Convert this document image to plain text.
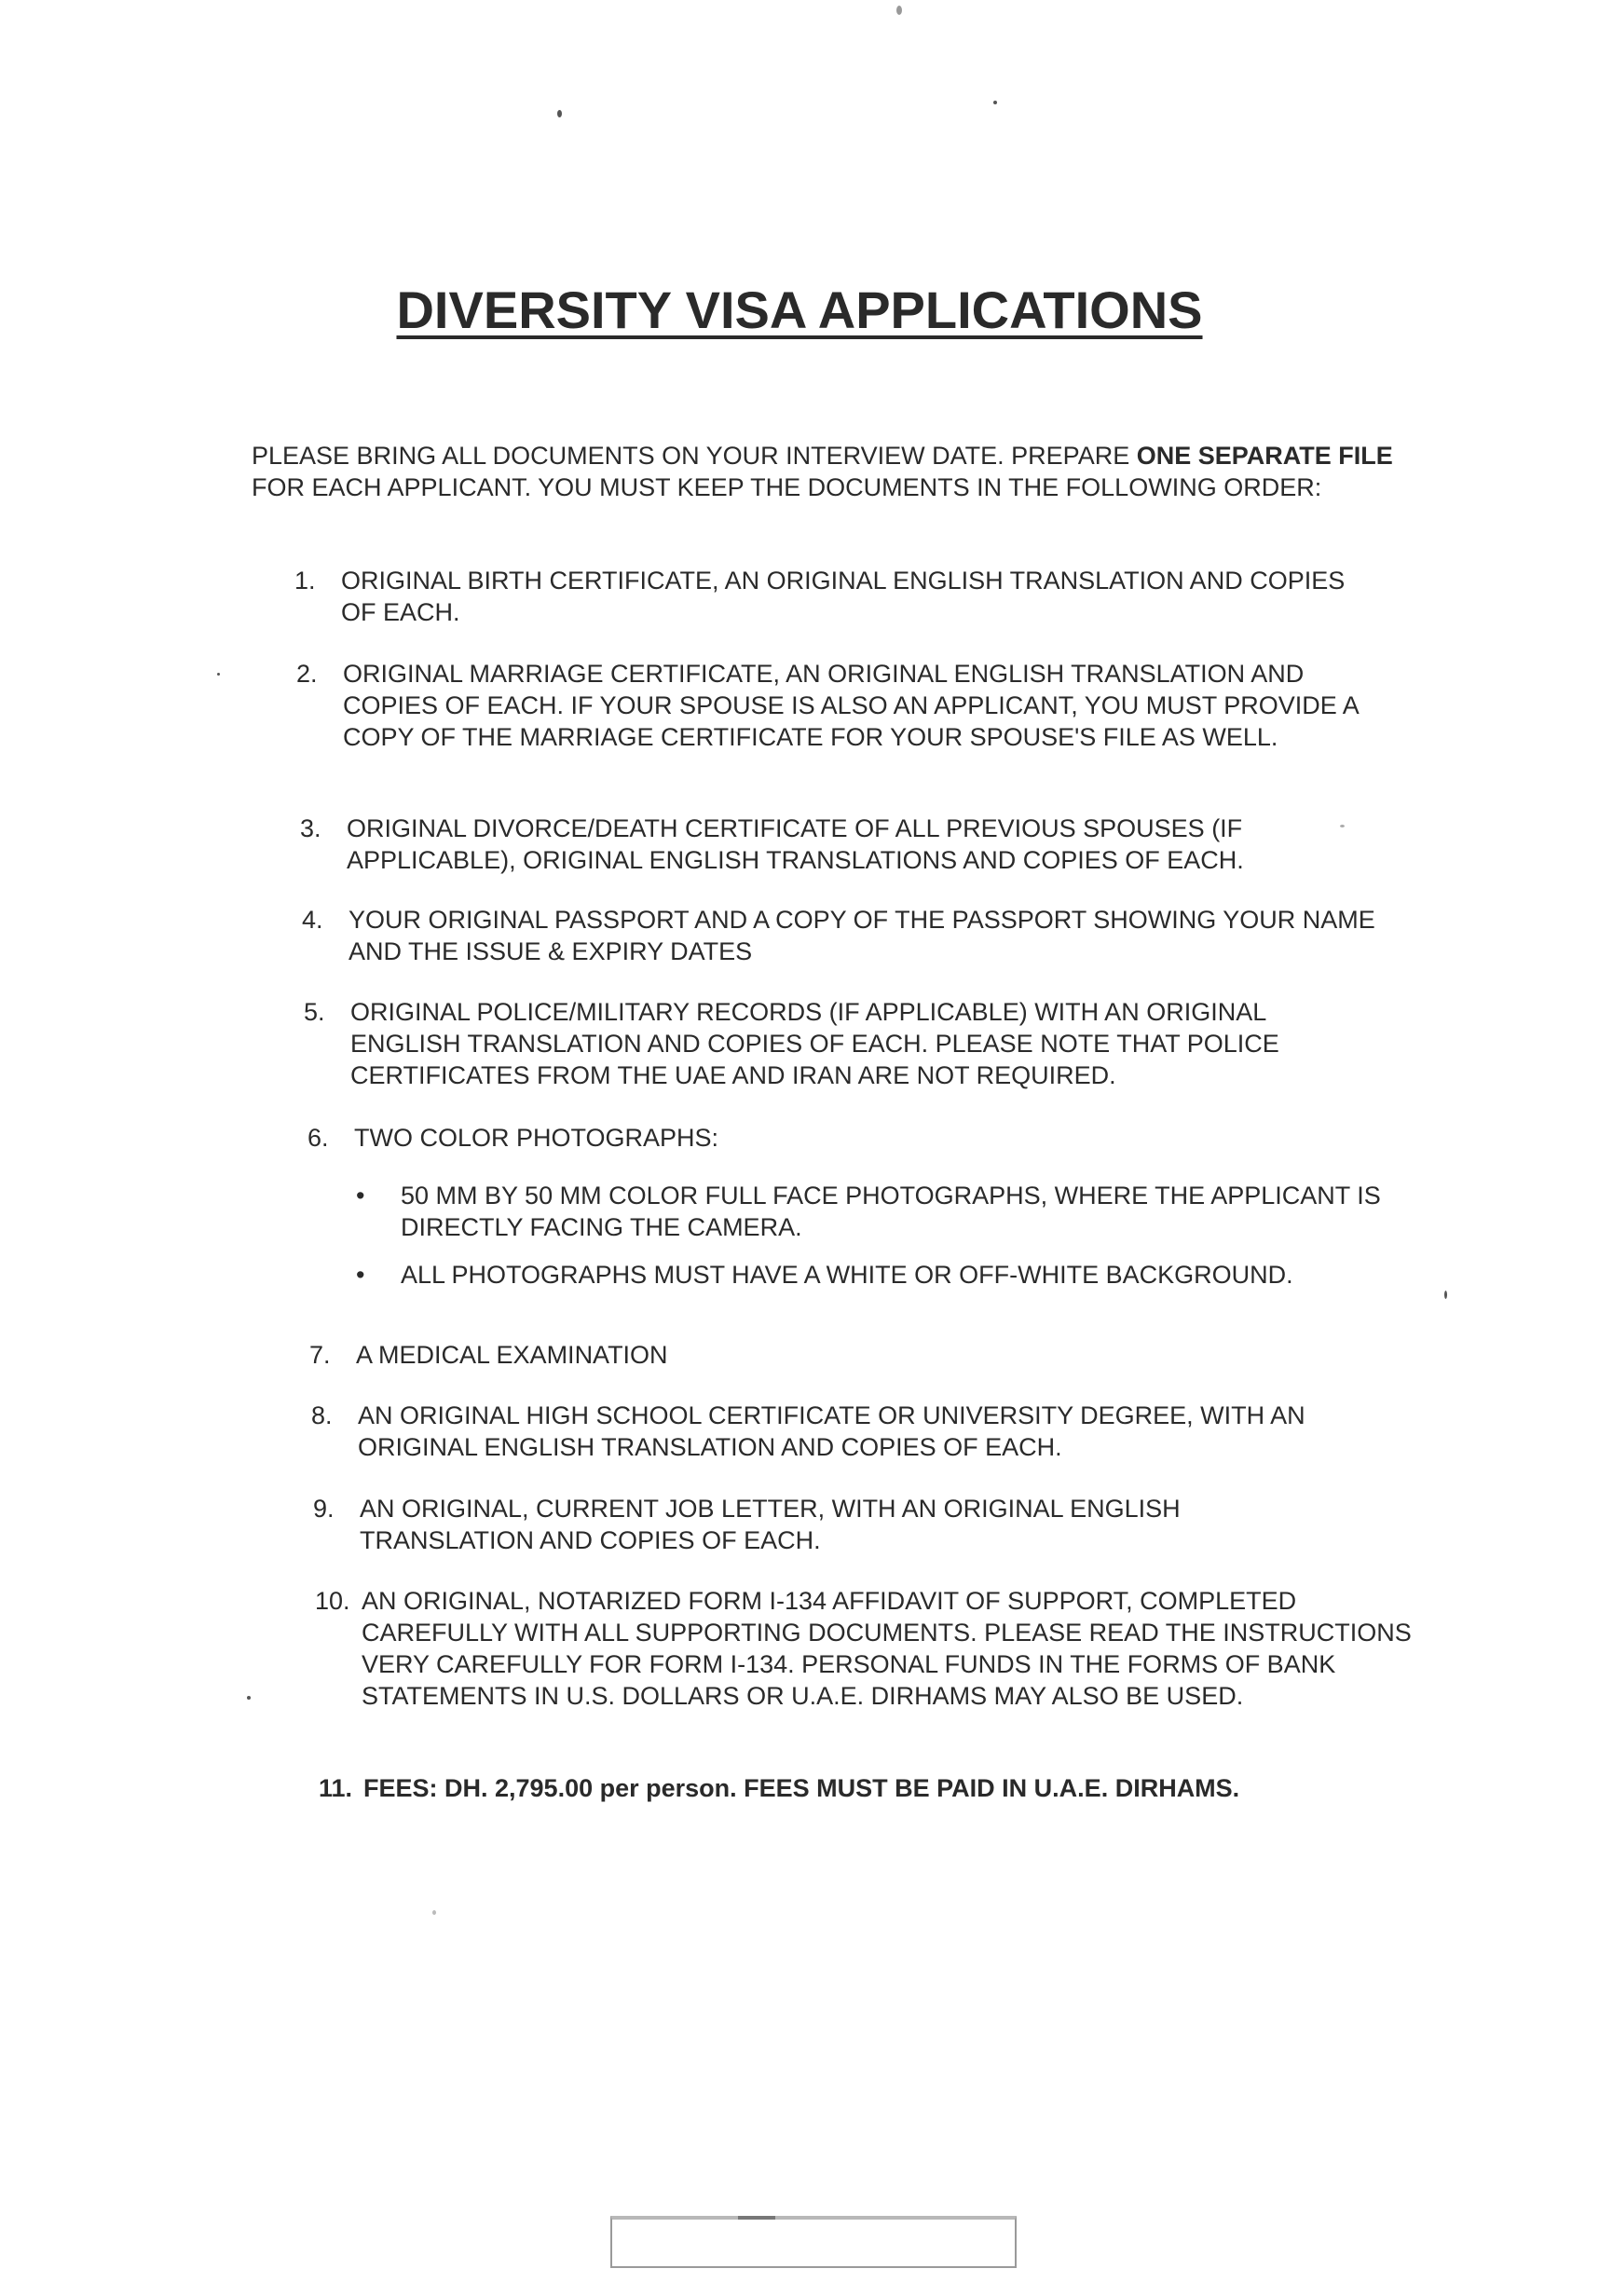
DIVERSITY VISA APPLICATIONS

PLEASE BRING ALL DOCUMENTS ON YOUR INTERVIEW DATE. PREPARE ONE SEPARATE FILE FOR EACH APPLICANT. YOU MUST KEEP THE DOCUMENTS IN THE FOLLOWING ORDER:

1.	ORIGINAL BIRTH CERTIFICATE, AN ORIGINAL ENGLISH TRANSLATION AND COPIES OF EACH.
2.	ORIGINAL MARRIAGE CERTIFICATE, AN ORIGINAL ENGLISH TRANSLATION AND COPIES OF EACH. IF YOUR SPOUSE IS ALSO AN APPLICANT, YOU MUST PROVIDE A COPY OF THE MARRIAGE CERTIFICATE FOR YOUR SPOUSE'S FILE AS WELL.
3.	ORIGINAL DIVORCE/DEATH CERTIFICATE OF ALL PREVIOUS SPOUSES (IF APPLICABLE), ORIGINAL ENGLISH TRANSLATIONS AND COPIES OF EACH.
4.	YOUR ORIGINAL PASSPORT AND A COPY OF THE PASSPORT SHOWING YOUR NAME AND THE ISSUE & EXPIRY DATES
5.	ORIGINAL POLICE/MILITARY RECORDS (IF APPLICABLE) WITH AN ORIGINAL ENGLISH TRANSLATION AND COPIES OF EACH. PLEASE NOTE THAT POLICE CERTIFICATES FROM THE UAE AND IRAN ARE NOT REQUIRED.
6.	TWO COLOR PHOTOGRAPHS:
7.	A MEDICAL EXAMINATION
8.	AN ORIGINAL HIGH SCHOOL CERTIFICATE OR UNIVERSITY DEGREE, WITH AN ORIGINAL ENGLISH TRANSLATION AND COPIES OF EACH.
9.	AN ORIGINAL, CURRENT JOB LETTER, WITH AN ORIGINAL ENGLISH TRANSLATION AND COPIES OF EACH.
10. AN ORIGINAL, NOTARIZED FORM I-134 AFFIDAVIT OF SUPPORT, COMPLETED CAREFULLY WITH ALL SUPPORTING DOCUMENTS. PLEASE READ THE INSTRUCTIONS VERY CAREFULLY FOR FORM I-134. PERSONAL FUNDS IN THE FORMS OF BANK STATEMENTS IN U.S. DOLLARS OR U.A.E. DIRHAMS MAY ALSO BE USED.
11. FEES: DH. 2,795.00 per person. FEES MUST BE PAID IN U.A.E. DIRHAMS.
• 50 MM BY 50 MM COLOR FULL FACE PHOTOGRAPHS, WHERE THE APPLICANT IS DIRECTLY FACING THE CAMERA.
• ALL PHOTOGRAPHS MUST HAVE A WHITE OR OFF-WHITE BACKGROUND.
